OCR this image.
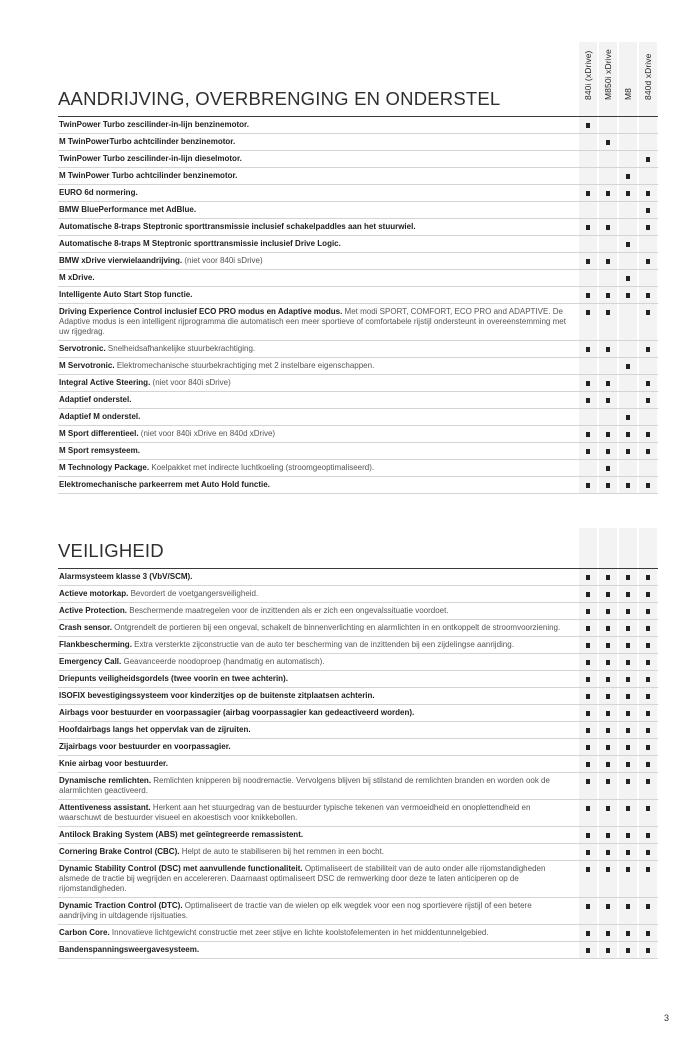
AANDRIJVING, OVERBRENGING EN ONDERSTEL	840i (xDrive) M850i xDrive M8 840d xDrive
TwinPower Turbo zescilinder-in-lijn benzinemotor.
M TwinPowerTurbo achtcilinder benzinemotor.
TwinPower Turbo zescilinder-in-lijn dieselmotor.
M TwinPower Turbo achtcilinder benzinemotor.
EURO 6d normering.
BMW BluePerformance met AdBlue.
Automatische 8-traps Steptronic sporttransmissie inclusief schakelpaddles aan het stuurwiel.
Automatische 8-traps M Steptronic sporttransmissie inclusief Drive Logic.
BMW xDrive vierwielaandrijving. (niet voor 840i sDrive)
M xDrive.
Intelligente Auto Start Stop functie.
Driving Experience Control inclusief ECO PRO modus en Adaptive modus. Met modi SPORT, COMFORT, ECO PRO and ADAPTIVE. De Adaptive modus is een intelligent rijprogramma die automatisch een meer sportieve of comfortabele rijstijl ondersteunt in overeenstemming met uw rijgedrag.
Servotronic. Snelheidsafhankelijke stuurbekrachtiging.
M Servotronic. Elektromechanische stuurbekrachtiging met 2 instelbare eigenschappen.
Integral Active Steering. (niet voor 840i sDrive)
Adaptief onderstel.
Adaptief M onderstel.
M Sport differentieel. (niet voor 840i xDrive en 840d xDrive)
M Sport remsysteem.
M Technology Package. Koelpakket met indirecte luchtkoeling (stroomgeoptimaliseerd).
Elektromechanische parkeerrem met Auto Hold functie.
VEILIGHEID
Alarmsysteem klasse 3 (VbV/SCM).
Actieve motorkap. Bevordert de voetgangersveiligheid.
Active Protection. Beschermende maatregelen voor de inzittenden als er zich een ongevalssituatie voordoet.
Crash sensor. Ontgrendelt de portieren bij een ongeval, schakelt de binnenverlichting en alarmlichten in en ontkoppelt de stroomvoorziening.
Flankbescherming. Extra versterkte zijconstructie van de auto ter bescherming van de inzittenden bij een zijdelingse aanrijding.
Emergency Call. Geavanceerde noodoproep (handmatig en automatisch).
Driepunts veiligheidsgordels (twee voorin en twee achterin).
ISOFIX bevestigingssysteem voor kinderzitjes op de buitenste zitplaatsen achterin.
Airbags voor bestuurder en voorpassagier (airbag voorpassagier kan gedeactiveerd worden).
Hoofdairbags langs het oppervlak van de zijruiten.
Zijairbags voor bestuurder en voorpassagier.
Knie airbag voor bestuurder.
Dynamische remlichten. Remlichten knipperen bij noodremactie. Vervolgens blijven bij stilstand de remlichten branden en worden ook de alarmlichten geactiveerd.
Attentiveness assistant. Herkent aan het stuurgedrag van de bestuurder typische tekenen van vermoeidheid en onoplettendheid en waarschuwt de bestuurder visueel en akoestisch voor knikkebollen.
Antilock Braking System (ABS) met geïntegreerde remassistent.
Cornering Brake Control (CBC). Helpt de auto te stabiliseren bij het remmen in een bocht.
Dynamic Stability Control (DSC) met aanvullende functionaliteit. Optimaliseert de stabiliteit van de auto onder alle rijomstandigheden alsmede de tractie bij wegrijden en accelereren. Daarnaast optimaliseert DSC de remwerking door deze te laten anticiperen op de rijomstandigheden.
Dynamic Traction Control (DTC). Optimaliseert de tractie van de wielen op elk wegdek voor een nog sportievere rijstijl of een betere aandrijving in uitdagende rijsituaties.
Carbon Core. Innovatieve lichtgewicht constructie met zeer stijve en lichte koolstofelementen in het middentunnelgebied.
Bandenspanningsweergavesysteem.
3
